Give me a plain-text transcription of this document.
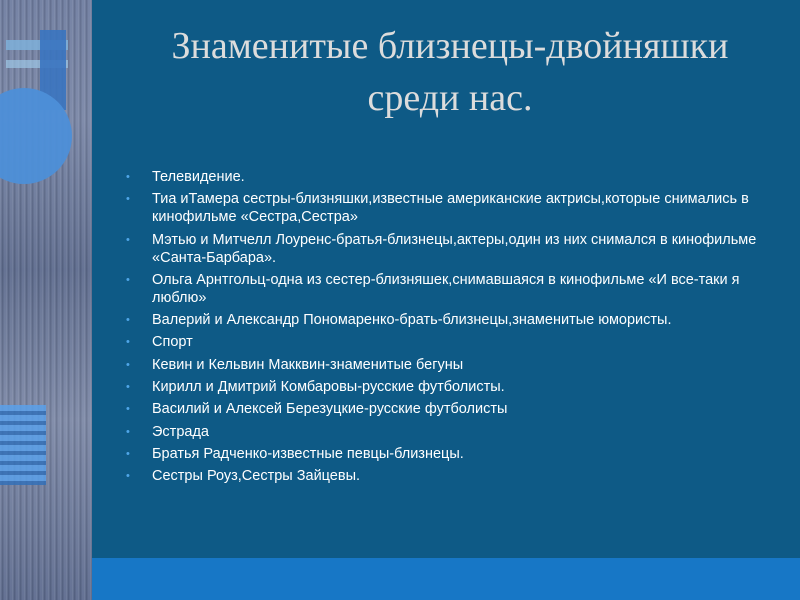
Знаменитые близнецы-двойняшки
среди нас.
• Телевидение.
• Тиа иТамера сестры-близняшки,известные американские актрисы,которые снимались в кинофильме «Сестра,Сестра»
• Мэтью и Митчелл Лоуренс-братья-близнецы,актеры,один из них снимался в кинофильме «Санта-Барбара».
• Ольга Арнтгольц-одна из сестер-близняшек,снимавшаяся в кинофильме «И все-таки я люблю»
• Валерий и Александр Пономаренко-брать-близнецы,знаменитые юмористы.
• Спорт
• Кевин и Кельвин Макквин-знаменитые бегуны
• Кирилл и Дмитрий Комбаровы-русские футболисты.
• Василий и Алексей Березуцкие-русские футболисты
• Эстрада
• Братья Радченко-известные певцы-близнецы.
• Сестры Роуз,Сестры Зайцевы.
